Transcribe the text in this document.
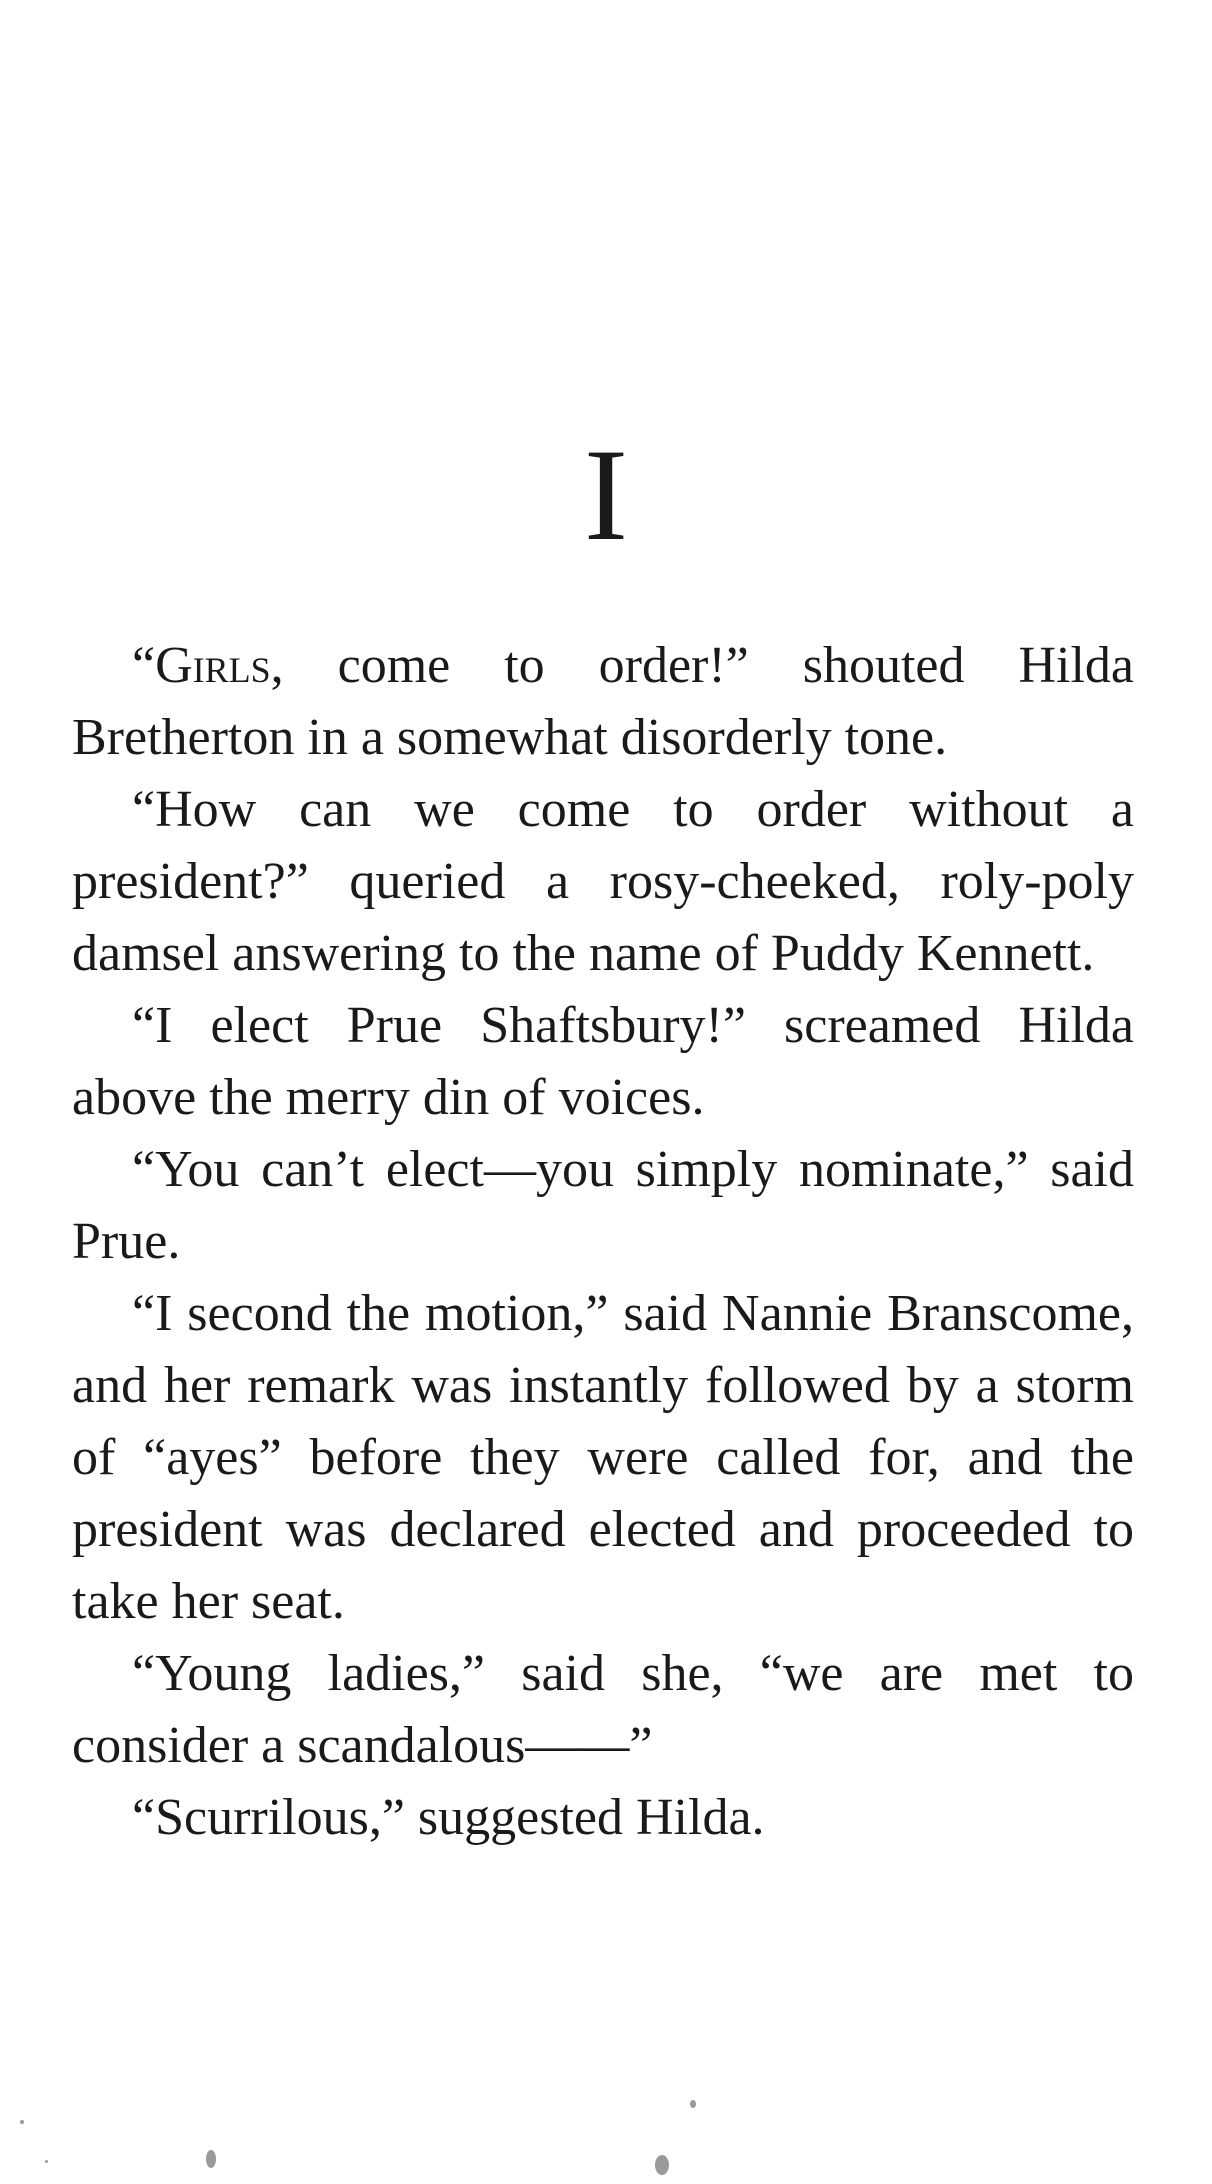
I

“Girls, come to order!” shouted Hilda Bretherton in a somewhat disorderly tone.

“How can we come to order without a president?” queried a rosy-cheeked, roly-poly damsel answering to the name of Puddy Kennett.

“I elect Prue Shaftsbury!” screamed Hilda above the merry din of voices.

“You can’t elect—you simply nominate,” said Prue.

“I second the motion,” said Nannie Branscome, and her remark was instantly followed by a storm of “ayes” before they were called for, and the president was declared elected and proceeded to take her seat.

“Young ladies,” said she, “we are met to consider a scandalous——”

“Scurrilous,” suggested Hilda.
